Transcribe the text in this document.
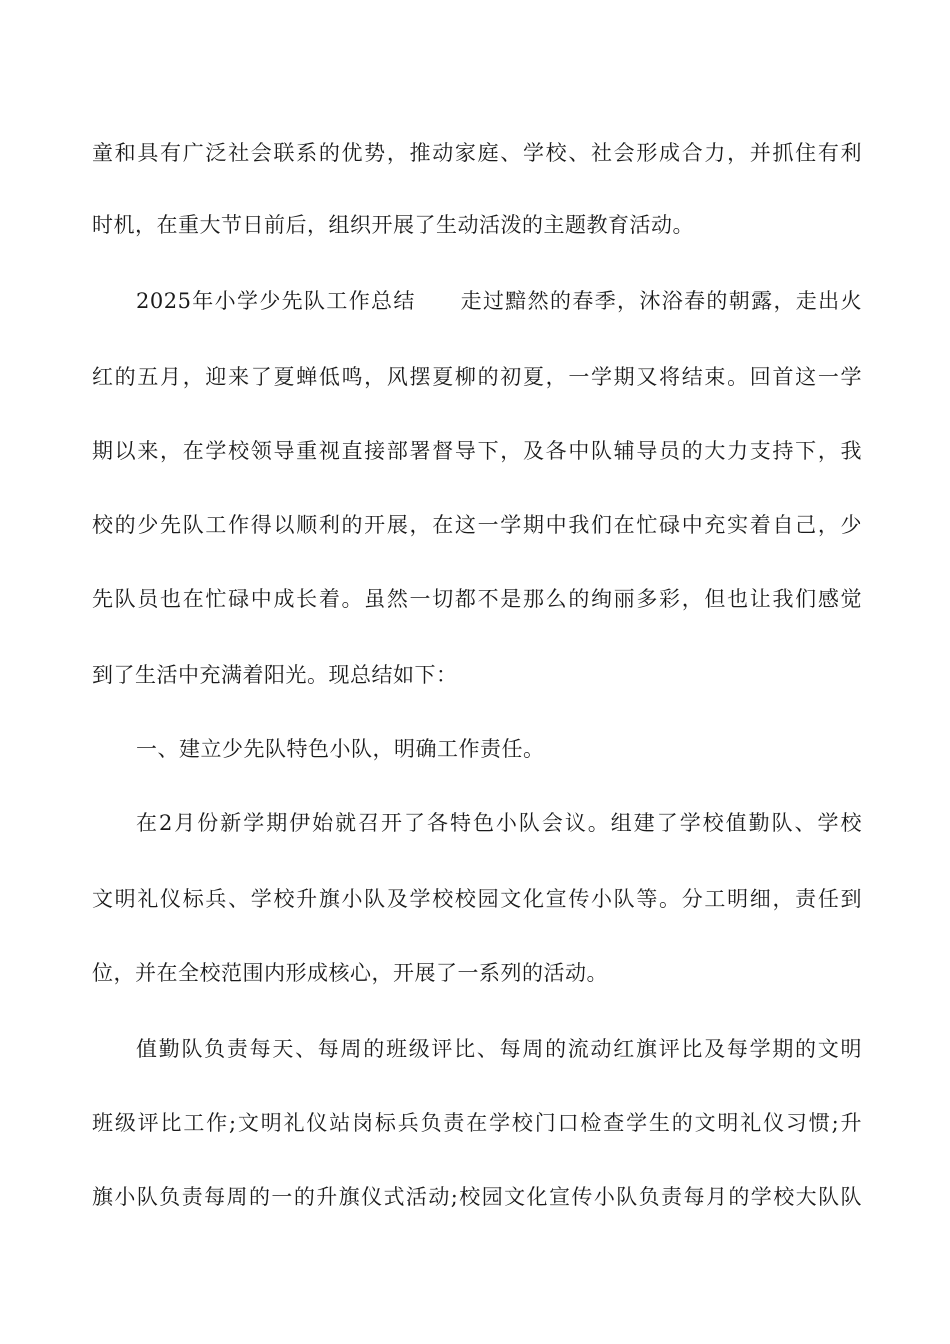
童和具有广泛社会联系的优势，推动家庭、学校、社会形成合力，并抓住有利
时机，在重大节日前后，组织开展了生动活泼的主题教育活动。
2025年小学少先队工作总结 走过黯然的春季，沐浴春的朝露，走出火
红的五月，迎来了夏蝉低鸣，风摆夏柳的初夏，一学期又将结束。回首这一学
期以来，在学校领导重视直接部署督导下，及各中队辅导员的大力支持下，我
校的少先队工作得以顺利的开展，在这一学期中我们在忙碌中充实着自己，少
先队员也在忙碌中成长着。虽然一切都不是那么的绚丽多彩，但也让我们感觉
到了生活中充满着阳光。现总结如下：
一、建立少先队特色小队，明确工作责任。
在2月份新学期伊始就召开了各特色小队会议。组建了学校值勤队、学校
文明礼仪标兵、学校升旗小队及学校校园文化宣传小队等。分工明细，责任到
位，并在全校范围内形成核心，开展了一系列的活动。
值勤队负责每天、每周的班级评比、每周的流动红旗评比及每学期的文明
班级评比工作;文明礼仪站岗标兵负责在学校门口检查学生的文明礼仪习惯;升
旗小队负责每周的一的升旗仪式活动;校园文化宣传小队负责每月的学校大队队
